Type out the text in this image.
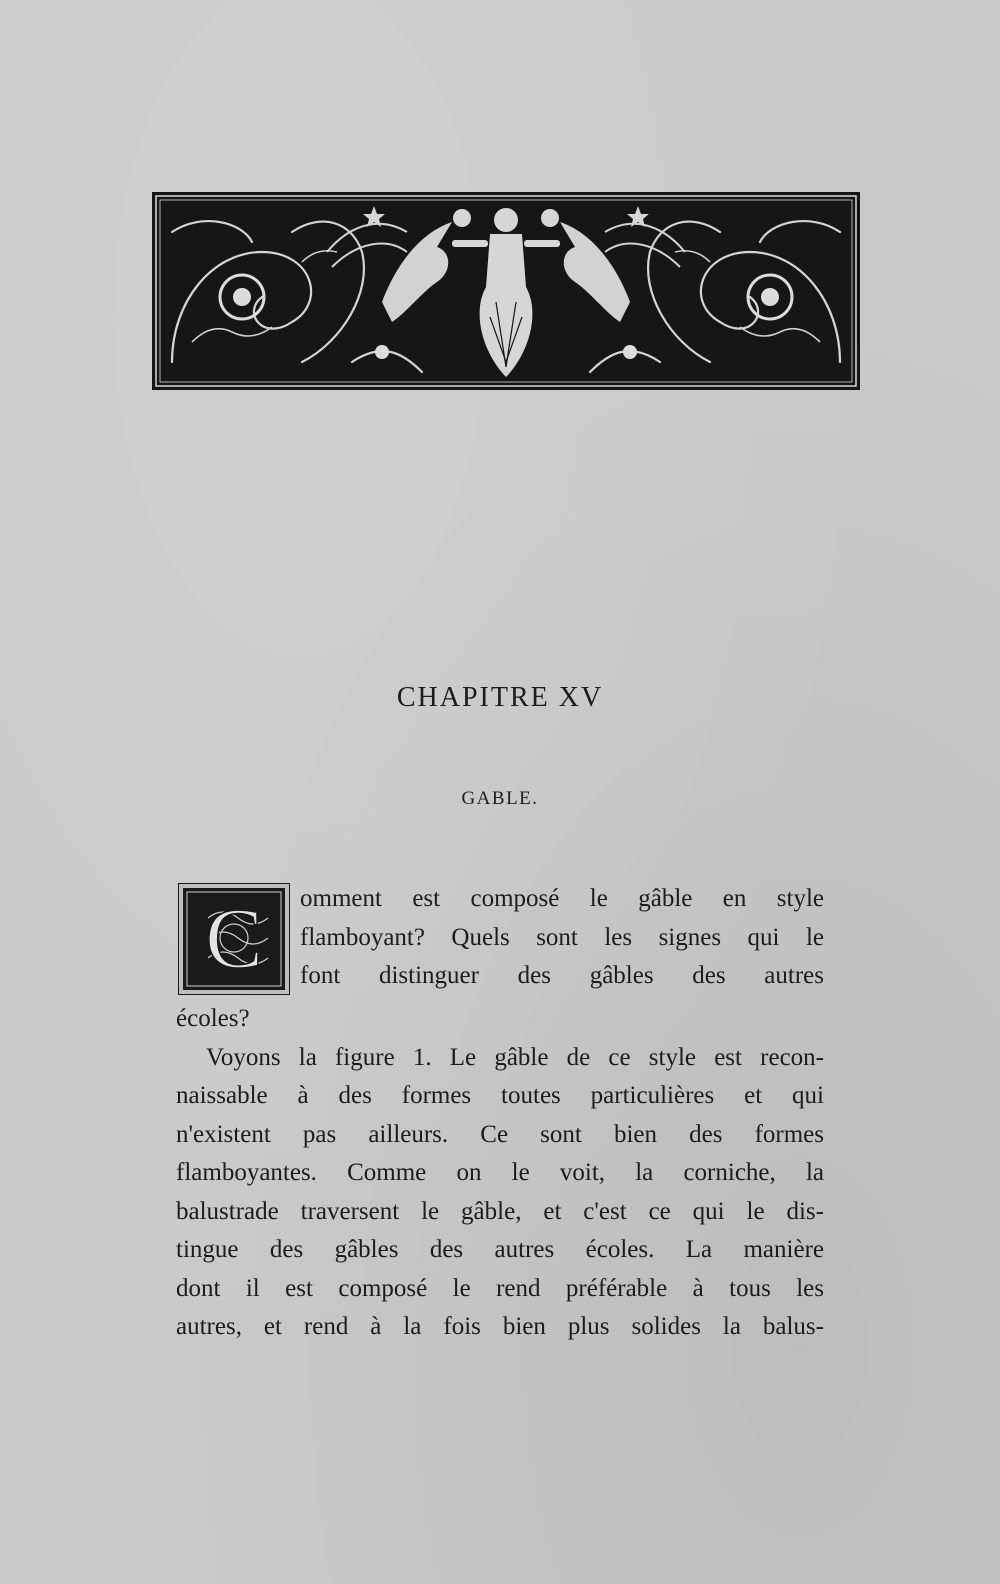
CHAPITRE XV
GABLE.
C omment est composé le gâble en style
flamboyant? Quels sont les signes qui le
font distinguer des gâbles des autres
écoles?
Voyons la figure 1. Le gâble de ce style est recon-
naissable à des formes toutes particulières et qui
n'existent pas ailleurs. Ce sont bien des formes
flamboyantes. Comme on le voit, la corniche, la
balustrade traversent le gâble, et c'est ce qui le dis-
tingue des gâbles des autres écoles. La manière
dont il est composé le rend préférable à tous les
autres, et rend à la fois bien plus solides la balus-
